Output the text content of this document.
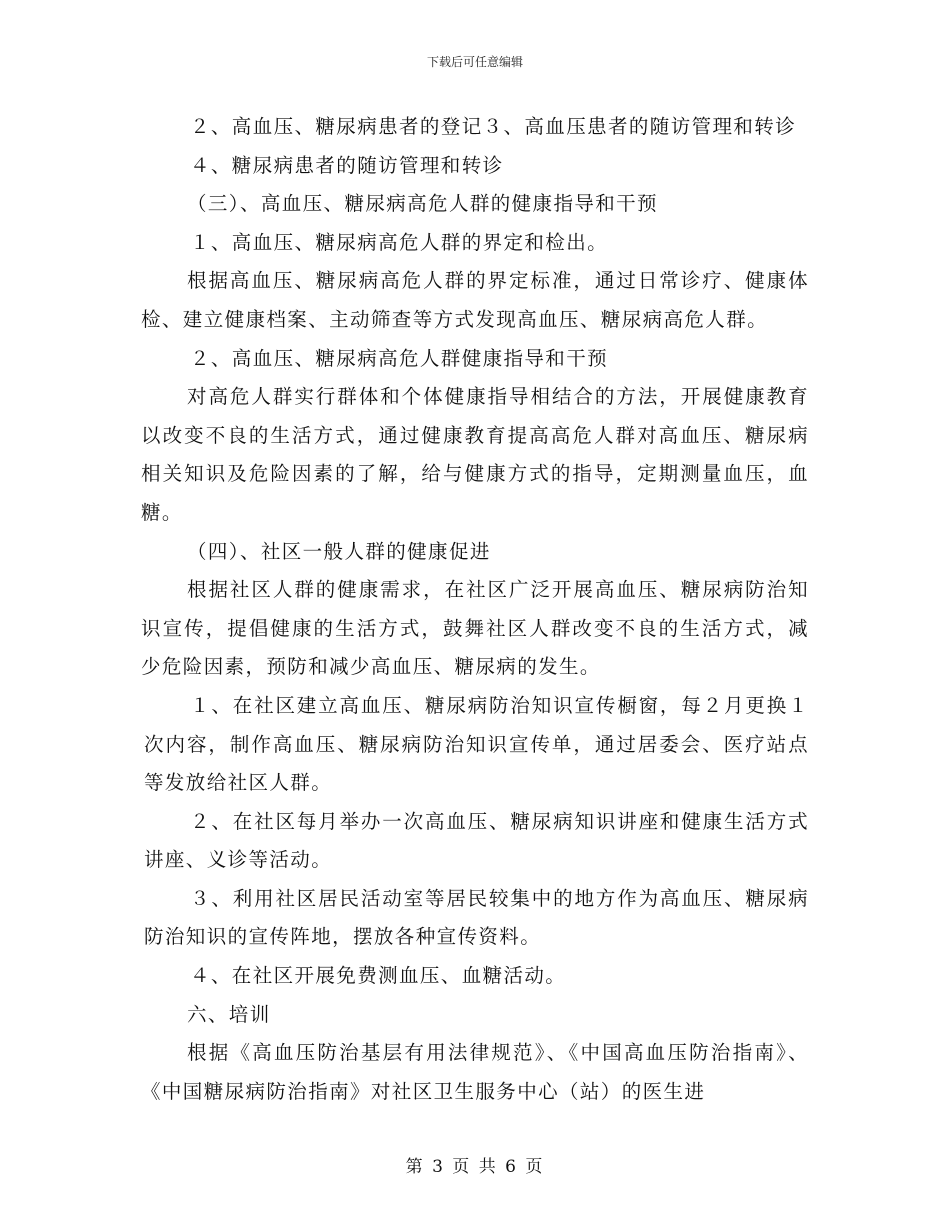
下载后可任意编辑

２、高血压、糖尿病患者的登记３、高血压患者的随访管理和转诊

４、糖尿病患者的随访管理和转诊

（三）、高血压、糖尿病高危人群的健康指导和干预

１、高血压、糖尿病高危人群的界定和检出。

根据高血压、糖尿病高危人群的界定标准，通过日常诊疗、健康体检、建立健康档案、主动筛查等方式发现高血压、糖尿病高危人群。

２、高血压、糖尿病高危人群健康指导和干预

对高危人群实行群体和个体健康指导相结合的方法，开展健康教育以改变不良的生活方式，通过健康教育提高高危人群对高血压、糖尿病相关知识及危险因素的了解，给与健康方式的指导，定期测量血压，血糖。

（四）、社区一般人群的健康促进

根据社区人群的健康需求，在社区广泛开展高血压、糖尿病防治知识宣传，提倡健康的生活方式，鼓舞社区人群改变不良的生活方式，减少危险因素，预防和减少高血压、糖尿病的发生。

１、在社区建立高血压、糖尿病防治知识宣传橱窗，每２月更换１次内容，制作高血压、糖尿病防治知识宣传单，通过居委会、医疗站点等发放给社区人群。

２、在社区每月举办一次高血压、糖尿病知识讲座和健康生活方式讲座、义诊等活动。

３、利用社区居民活动室等居民较集中的地方作为高血压、糖尿病防治知识的宣传阵地，摆放各种宣传资料。

４、在社区开展免费测血压、血糖活动。

六、培训

根据《高血压防治基层有用法律规范》、《中国高血压防治指南》、《中国糖尿病防治指南》对社区卫生服务中心（站）的医生进

第 3 页 共 6 页
